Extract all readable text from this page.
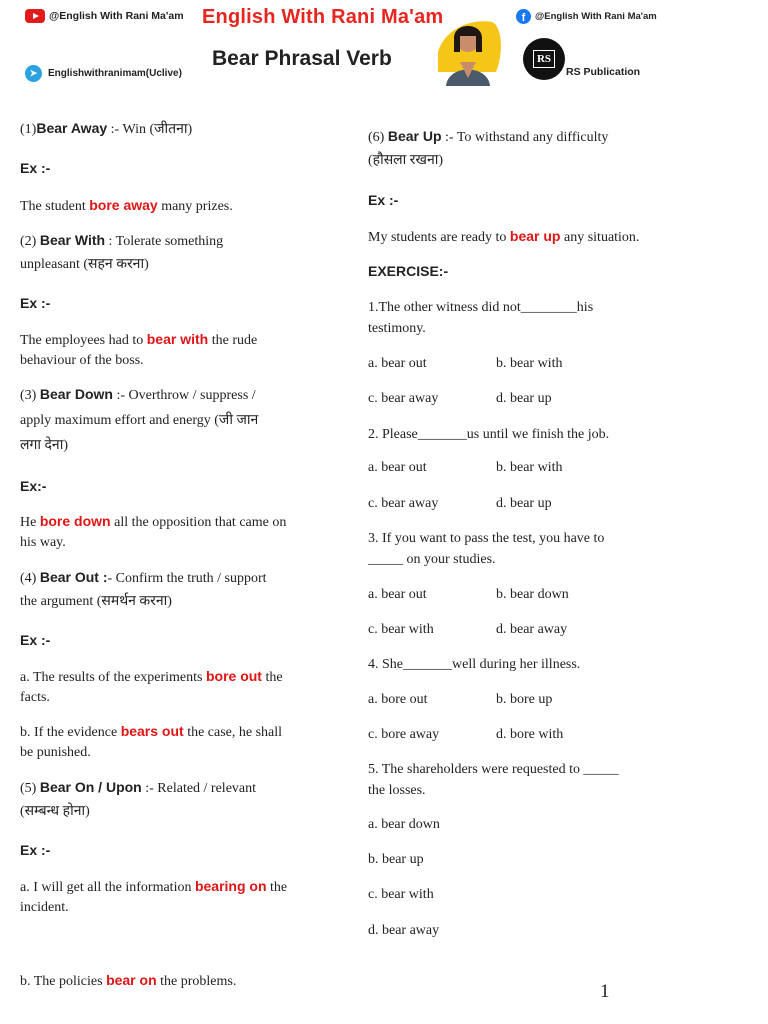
@English With Rani Ma'am
➤	Englishwithranimam(Uclive)
English With Rani Ma'am
Bear Phrasal Verb
f	@English With Rani Ma'am
RS
RS Publication
(1)Bear Away :- Win (जीतना)
Ex :-
The student bore away many prizes.
(2) Bear With : Tolerate something
unpleasant (सहन करना)
Ex :-
The employees had to bear with the rude
behaviour of the boss.
(3) Bear Down :- Overthrow / suppress /
apply maximum effort and energy (जी जान
लगा देना)
Ex:-
He bore down all the opposition that came on
his way.
(4) Bear Out :- Confirm the truth / support
the argument (समर्थन करना)
Ex :-
a. The results of the experiments bore out the
facts.
b. If the evidence bears out the case, he shall
be punished.
(5) Bear On / Upon :- Related / relevant
(सम्बन्ध होना)
Ex :-
a. I will get all the information bearing on the
incident.
b. The policies bear on the problems.
(6) Bear Up :- To withstand any difficulty
(हौसला रखना)
Ex :-
My students are ready to bear up any situation.
EXERCISE:-
1.The other witness did not________his
testimony.
a. bear out	b. bear with
c. bear away	d. bear up
2. Please_______us until we finish the job.
a. bear out	b. bear with
c. bear away	d. bear up
3. If you want to pass the test, you have to
_____ on your studies.
a. bear out	b. bear down
c. bear with	d. bear away
4. She_______well during her illness.
a. bore out	b. bore up
c. bore away	d. bore with
5. The shareholders were requested to _____
the losses.
a. bear down
b. bear up
c. bear with
d. bear away
1
